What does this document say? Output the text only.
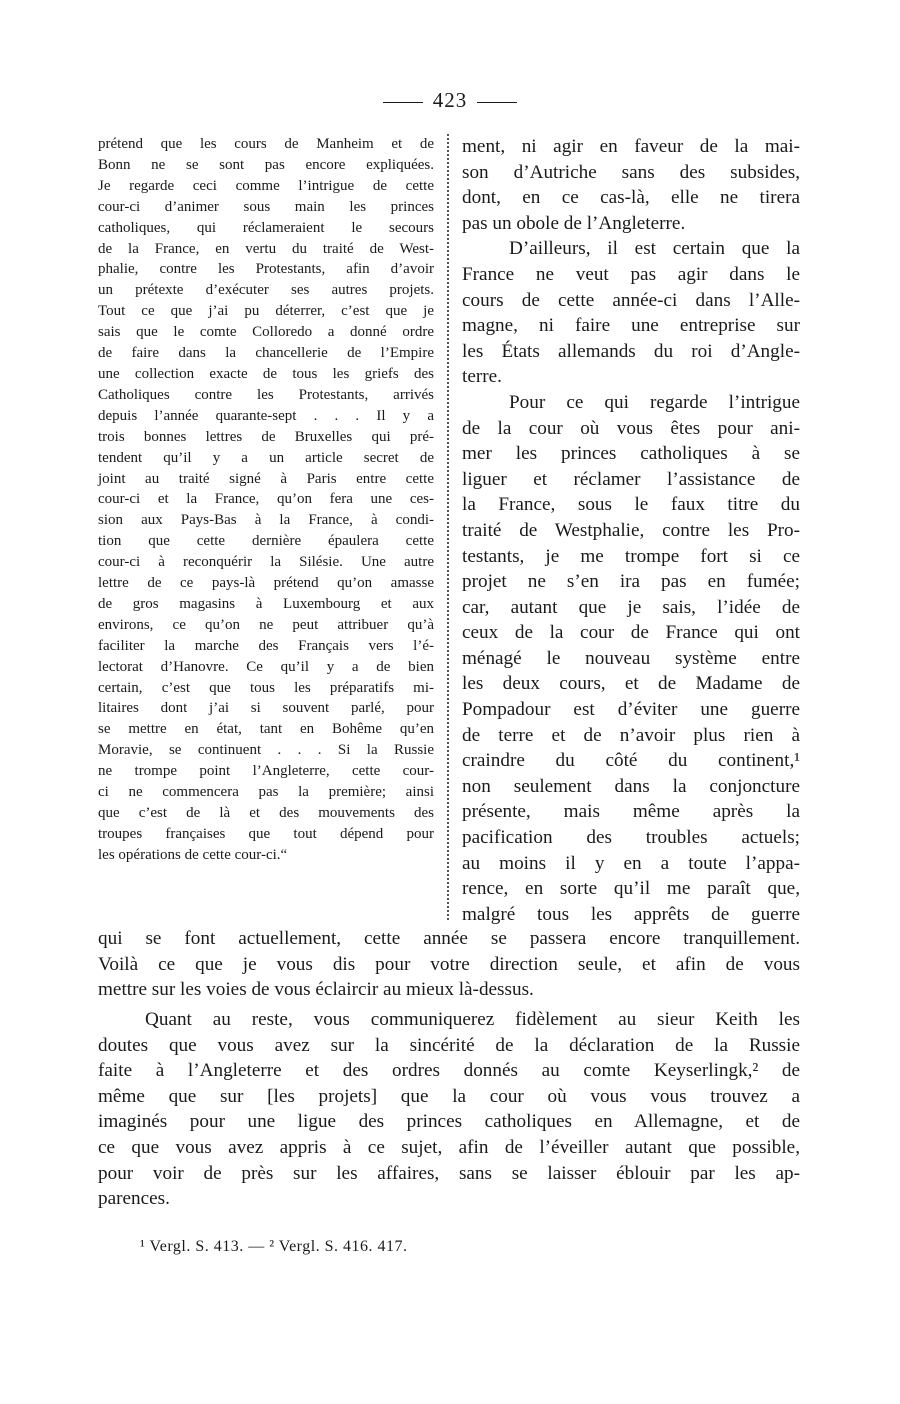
423
prétend que les cours de Manheim et de
Bonn ne se sont pas encore expliquées.
Je regarde ceci comme l’intrigue de cette
cour-ci d’animer sous main les princes
catholiques, qui réclameraient le secours
de la France, en vertu du traité de West-
phalie, contre les Protestants, afin d’avoir
un prétexte d’exécuter ses autres projets.
Tout ce que j’ai pu déterrer, c’est que je
sais que le comte Colloredo a donné ordre
de faire dans la chancellerie de l’Empire
une collection exacte de tous les griefs des
Catholiques contre les Protestants, arrivés
depuis l’année quarante-sept . . . Il y a
trois bonnes lettres de Bruxelles qui pré-
tendent qu’il y a un article secret de
joint au traité signé à Paris entre cette
cour-ci et la France, qu’on fera une ces-
sion aux Pays-Bas à la France, à condi-
tion que cette dernière épaulera cette
cour-ci à reconquérir la Silésie. Une autre
lettre de ce pays-là prétend qu’on amasse
de gros magasins à Luxembourg et aux
environs, ce qu’on ne peut attribuer qu’à
faciliter la marche des Français vers l’é-
lectorat d’Hanovre. Ce qu’il y a de bien
certain, c’est que tous les préparatifs mi-
litaires dont j’ai si souvent parlé, pour
se mettre en état, tant en Bohême qu’en
Moravie, se continuent . . . Si la Russie
ne trompe point l’Angleterre, cette cour-
ci ne commencera pas la première; ainsi
que c’est de là et des mouvements des
troupes françaises que tout dépend pour
les opérations de cette cour-ci.“

ment, ni agir en faveur de la mai-
son d’Autriche sans des subsides,
dont, en ce cas-là, elle ne tirera
pas un obole de l’Angleterre.

D’ailleurs, il est certain que la
France ne veut pas agir dans le
cours de cette année-ci dans l’Alle-
magne, ni faire une entreprise sur
les États allemands du roi d’Angle-
terre.

Pour ce qui regarde l’intrigue
de la cour où vous êtes pour ani-
mer les princes catholiques à se
liguer et réclamer l’assistance de
la France, sous le faux titre du
traité de Westphalie, contre les Pro-
testants, je me trompe fort si ce
projet ne s’en ira pas en fumée;
car, autant que je sais, l’idée de
ceux de la cour de France qui ont
ménagé le nouveau système entre
les deux cours, et de Madame de
Pompadour est d’éviter une guerre
de terre et de n’avoir plus rien à
craindre du côté du continent,¹
non seulement dans la conjoncture
présente, mais même après la
pacification des troubles actuels;
au moins il y en a toute l’appa-
rence, en sorte qu’il me paraît que,
malgré tous les apprêts de guerre

qui se font actuellement, cette année se passera encore tranquillement.
Voilà ce que je vous dis pour votre direction seule, et afin de vous
mettre sur les voies de vous éclaircir au mieux là-dessus.
Quant au reste, vous communiquerez fidèlement au sieur Keith les
doutes que vous avez sur la sincérité de la déclaration de la Russie
faite à l’Angleterre et des ordres donnés au comte Keyserlingk,² de
même que sur [les projets] que la cour où vous vous trouvez a
imaginés pour une ligue des princes catholiques en Allemagne, et de
ce que vous avez appris à ce sujet, afin de l’éveiller autant que possible,
pour voir de près sur les affaires, sans se laisser éblouir par les ap-
parences.
¹ Vergl. S. 413. — ² Vergl. S. 416. 417.
